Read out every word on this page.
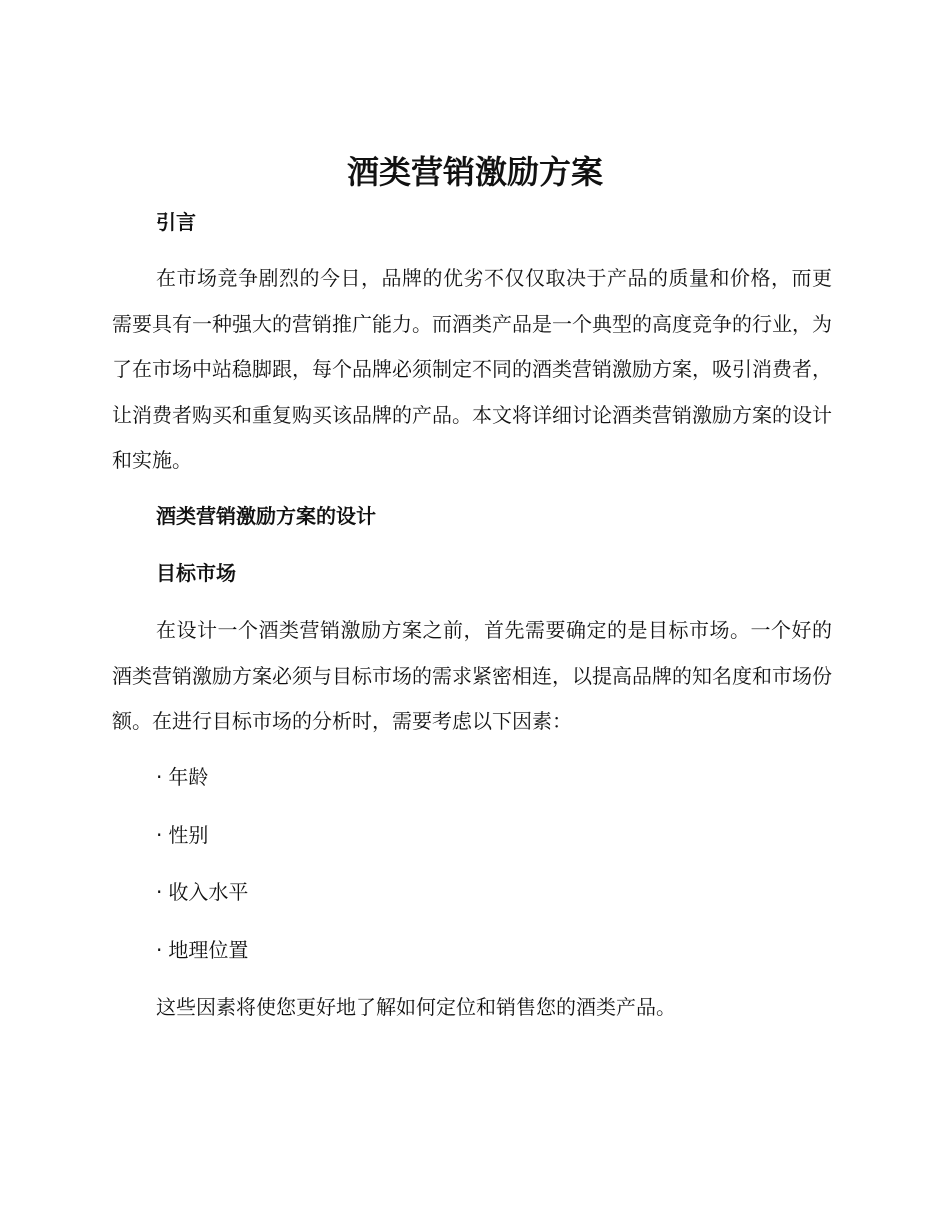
酒类营销激励方案
引言

在市场竞争剧烈的今日，品牌的优劣不仅仅取决于产品的质量和价格，而更需要具有一种强大的营销推广能力。而酒类产品是一个典型的高度竞争的行业，为了在市场中站稳脚跟，每个品牌必须制定不同的酒类营销激励方案，吸引消费者，让消费者购买和重复购买该品牌的产品。本文将详细讨论酒类营销激励方案的设计和实施。

酒类营销激励方案的设计
目标市场

在设计一个酒类营销激励方案之前，首先需要确定的是目标市场。一个好的酒类营销激励方案必须与目标市场的需求紧密相连，以提高品牌的知名度和市场份额。在进行目标市场的分析时，需要考虑以下因素：

· 年龄

· 性别

· 收入水平

· 地理位置

这些因素将使您更好地了解如何定位和销售您的酒类产品。
